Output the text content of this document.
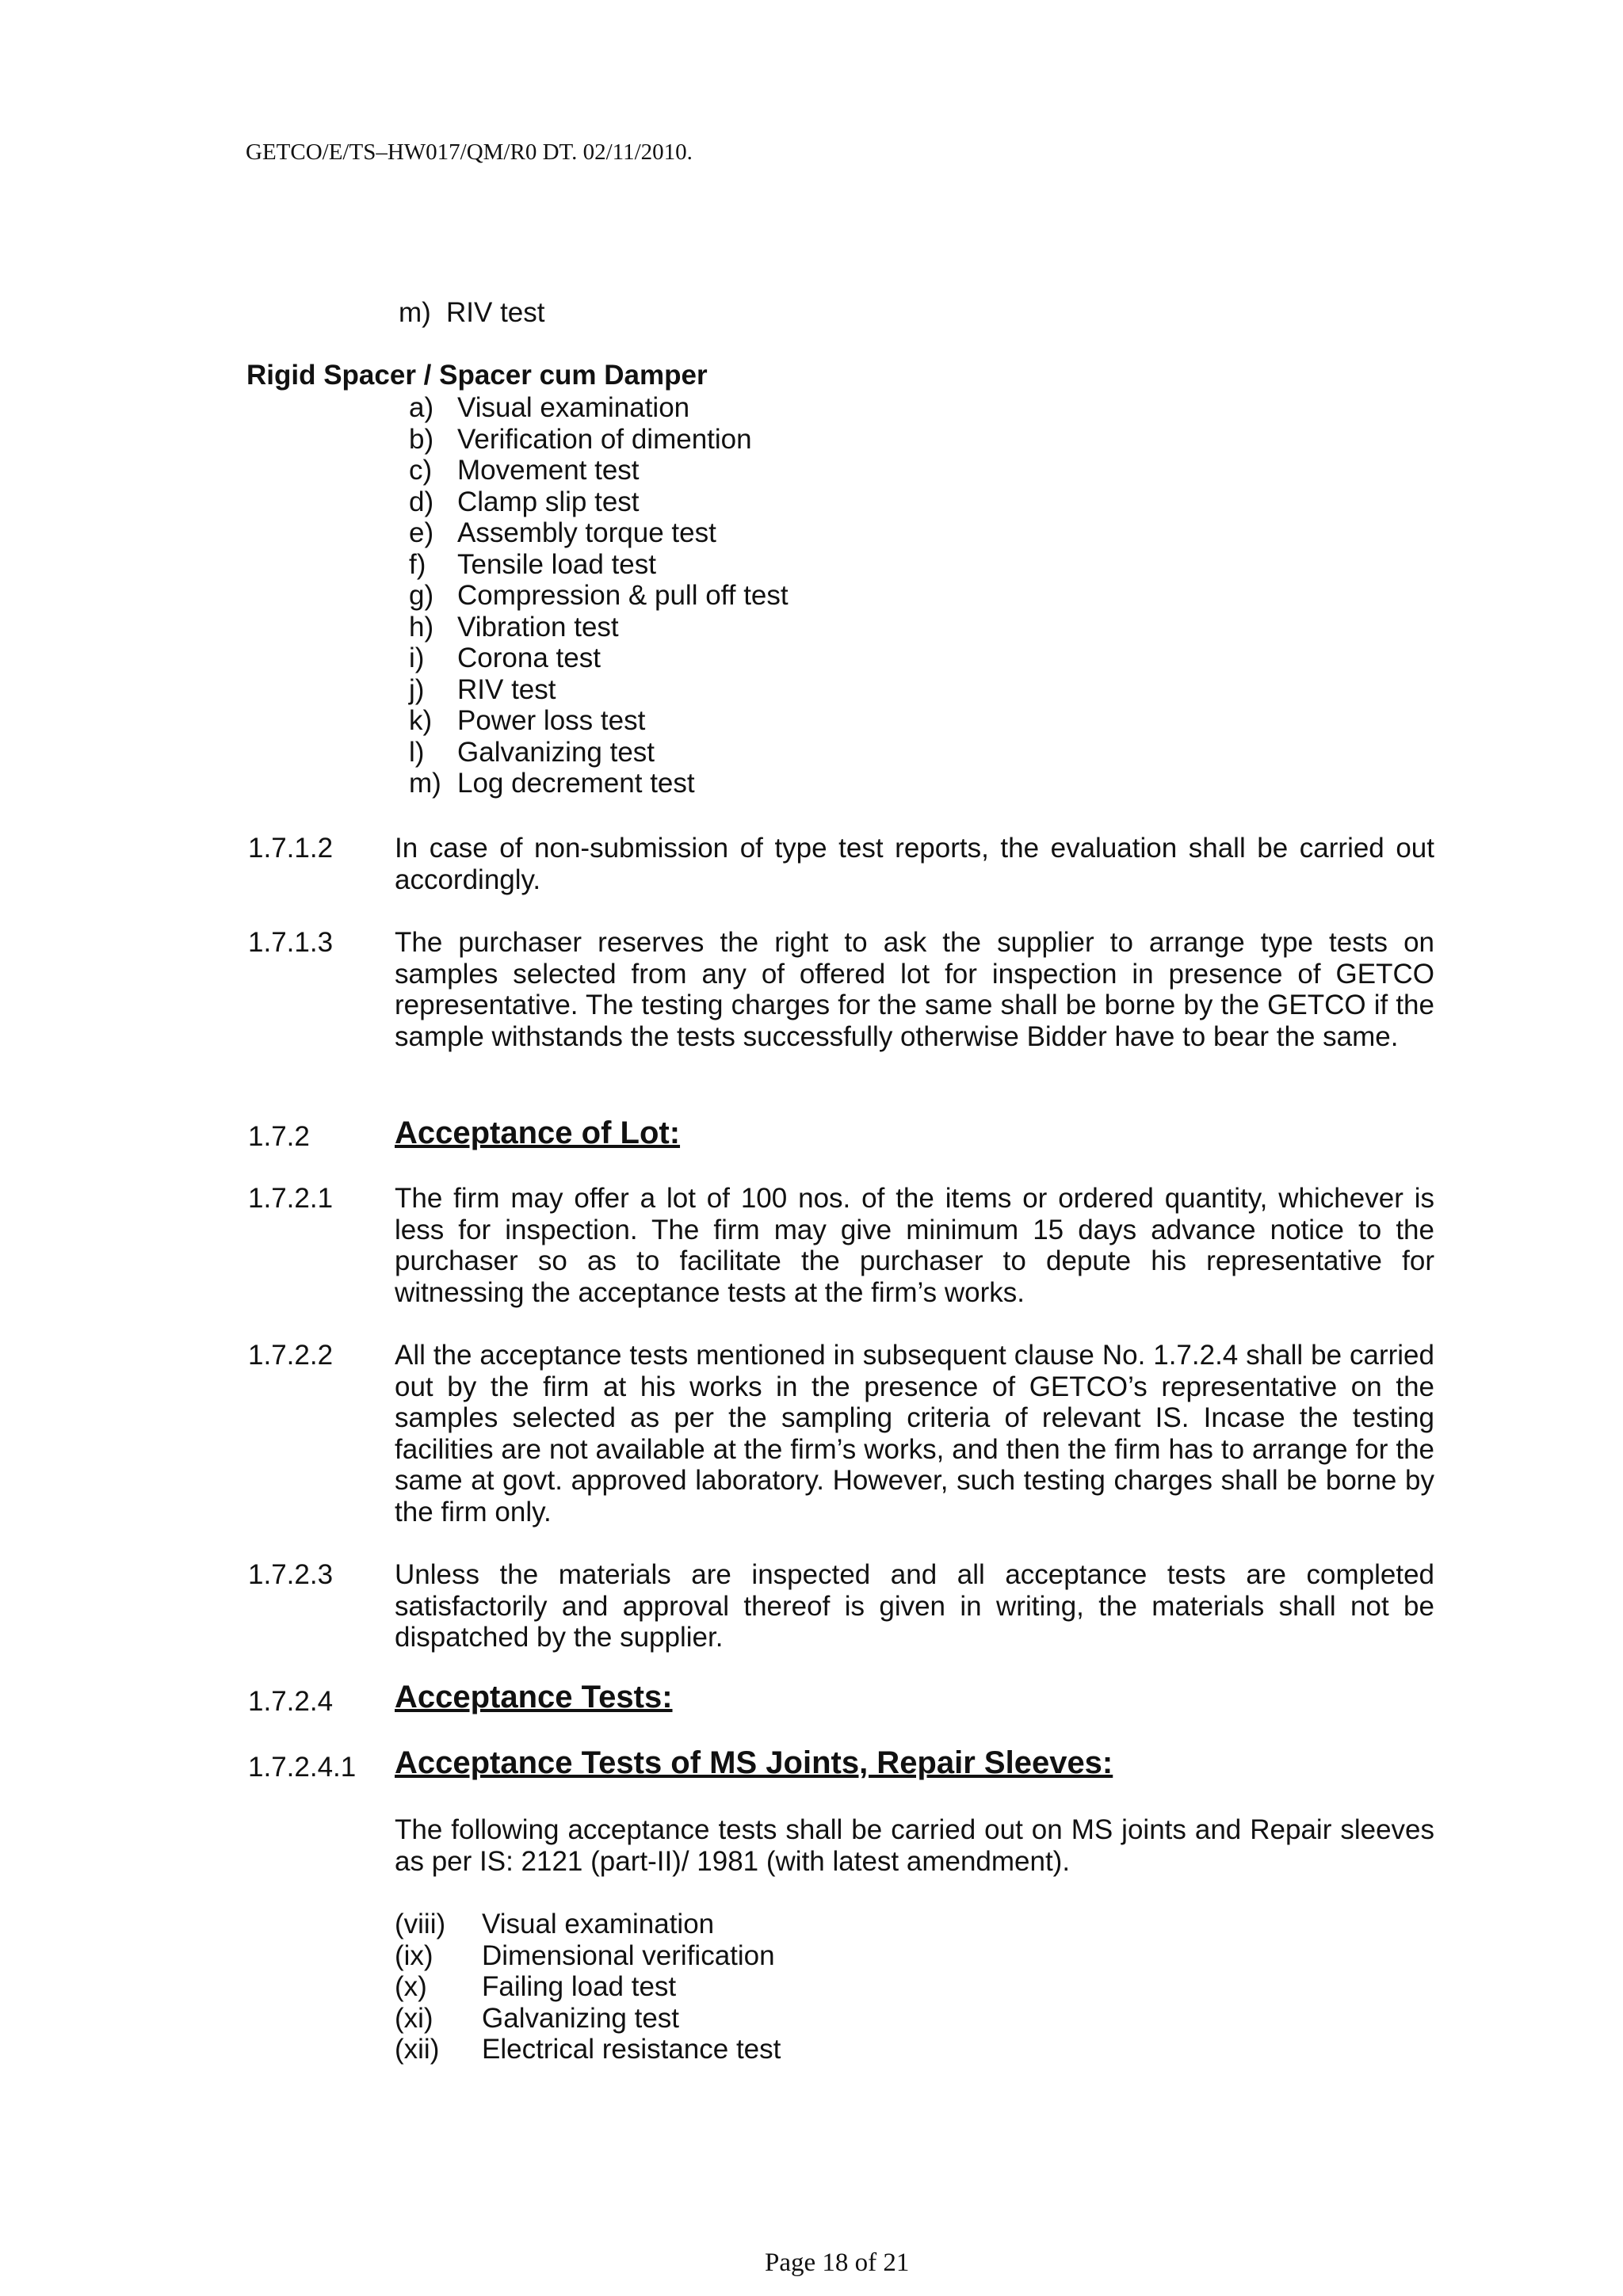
GETCO/E/TS–HW017/QM/R0 DT. 02/11/2010.
m) RIV test
Rigid Spacer / Spacer cum Damper
a) Visual examination
b) Verification of dimention
c) Movement test
d) Clamp slip test
e) Assembly torque test
f) Tensile load test
g) Compression & pull off test
h) Vibration test
i) Corona test
j) RIV test
k) Power loss test
l) Galvanizing test
m) Log decrement test
1.7.1.2 In case of non-submission of type test reports, the evaluation shall be carried out accordingly.
1.7.1.3 The purchaser reserves the right to ask the supplier to arrange type tests on samples selected from any of offered lot for inspection in presence of GETCO representative. The testing charges for the same shall be borne by the GETCO if the sample withstands the tests successfully otherwise Bidder have to bear the same.
1.7.2	Acceptance of Lot:
1.7.2.1 The firm may offer a lot of 100 nos. of the items or ordered quantity, whichever is less for inspection. The firm may give minimum 15 days advance notice to the purchaser so as to facilitate the purchaser to depute his representative for witnessing the acceptance tests at the firm’s works.
1.7.2.2 All the acceptance tests mentioned in subsequent clause No. 1.7.2.4 shall be carried out by the firm at his works in the presence of GETCO’s representative on the samples selected as per the sampling criteria of relevant IS. Incase the testing facilities are not available at the firm’s works, and then the firm has to arrange for the same at govt. approved laboratory. However, such testing charges shall be borne by the firm only.
1.7.2.3 Unless the materials are inspected and all acceptance tests are completed satisfactorily and approval thereof is given in writing, the materials shall not be dispatched by the supplier.
1.7.2.4 Acceptance Tests:
1.7.2.4.1 Acceptance Tests of MS Joints, Repair Sleeves:
The following acceptance tests shall be carried out on MS joints and Repair sleeves as per IS: 2121 (part-II)/ 1981 (with latest amendment).
(viii) Visual examination
(ix) Dimensional verification
(x) Failing load test
(xi) Galvanizing test
(xii) Electrical resistance test
Page 18 of 21
